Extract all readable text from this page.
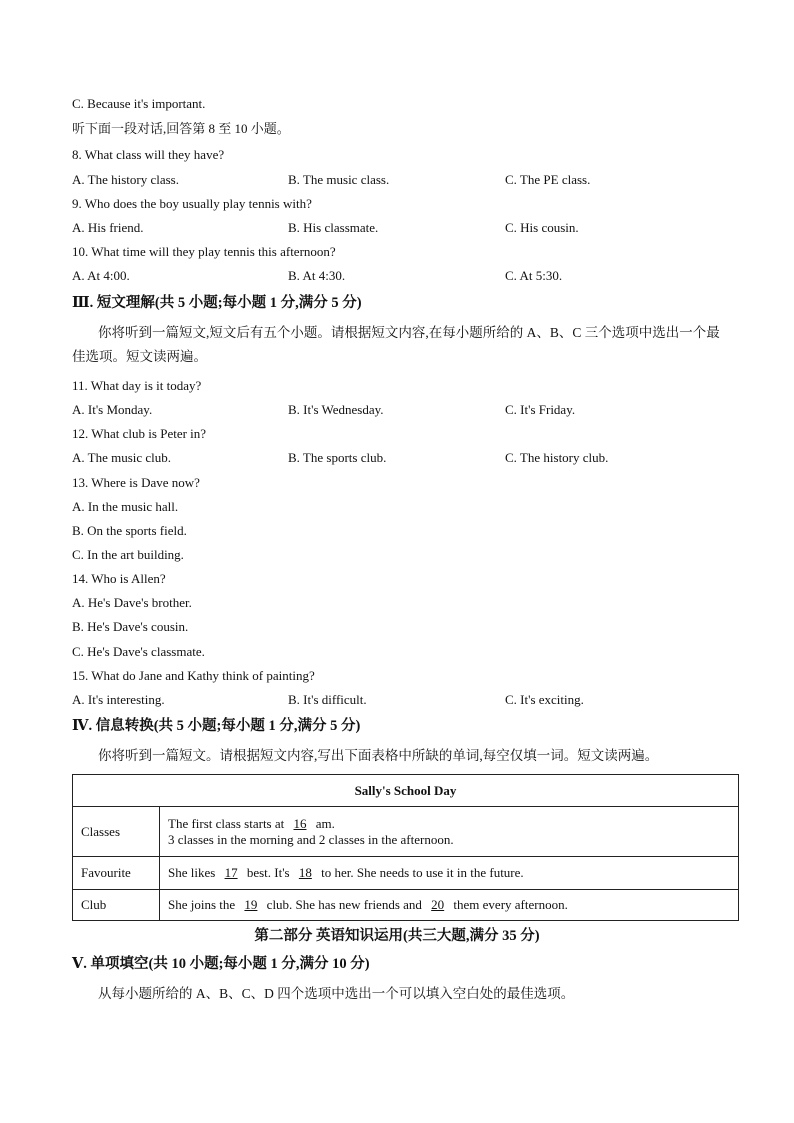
C. Because it's important.
听下面一段对话,回答第 8 至 10 小题。
8. What class will they have?
A. The history class.	B. The music class.	C. The PE class.
9. Who does the boy usually play tennis with?
A. His friend.	B. His classmate.	C. His cousin.
10. What time will they play tennis this afternoon?
A. At 4:00.	B. At 4:30.	C. At 5:30.
Ⅲ. 短文理解(共 5 小题;每小题 1 分,满分 5 分)
你将听到一篇短文,短文后有五个小题。请根据短文内容,在每小题所给的 A、B、C 三个选项中选出一个最佳选项。短文读两遍。
11. What day is it today?
A. It's Monday.	B. It's Wednesday.	C. It's Friday.
12. What club is Peter in?
A. The music club.	B. The sports club.	C. The history club.
13. Where is Dave now?
A. In the music hall.
B. On the sports field.
C. In the art building.
14. Who is Allen?
A. He's Dave's brother.
B. He's Dave's cousin.
C. He's Dave's classmate.
15. What do Jane and Kathy think of painting?
A. It's interesting.	B. It's difficult.	C. It's exciting.
Ⅳ. 信息转换(共 5 小题;每小题 1 分,满分 5 分)
你将听到一篇短文。请根据短文内容,写出下面表格中所缺的单词,每空仅填一词。短文读两遍。
Sally's School Day	
Classes	The first class starts at 16 am.
3 classes in the morning and 2 classes in the afternoon.

Favourite	She likes 17 best. It's 18 to her. She needs to use it in the future.
Club	She joins the 19 club. She has new friends and 20 them every afternoon.
第二部分 英语知识运用(共三大题,满分 35 分)
Ⅴ. 单项填空(共 10 小题;每小题 1 分,满分 10 分)
从每小题所给的 A、B、C、D 四个选项中选出一个可以填入空白处的最佳选项。
